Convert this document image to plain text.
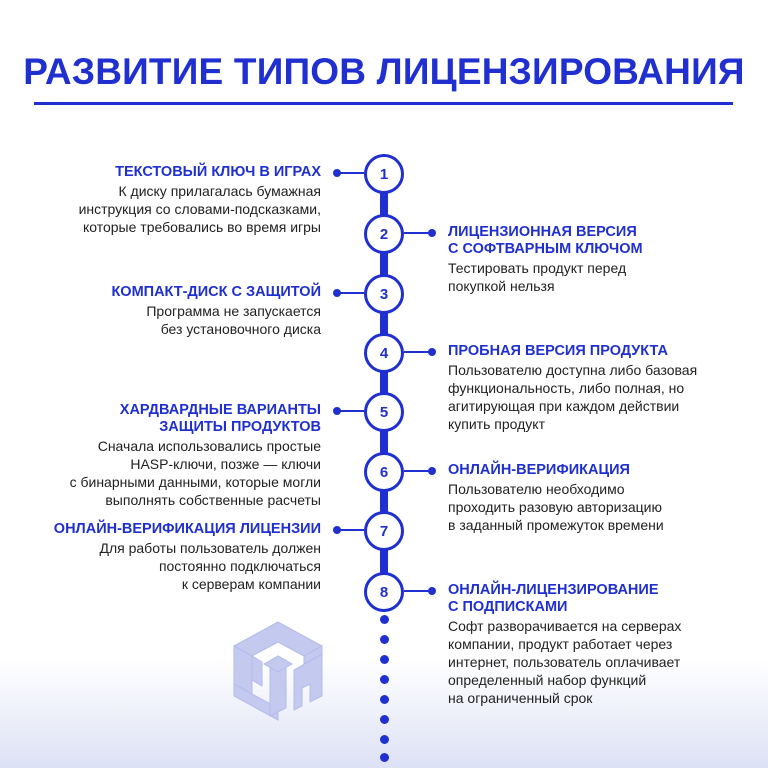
РАЗВИТИЕ ТИПОВ ЛИЦЕНЗИРОВАНИЯ
1
ТЕКСТОВЫЙ КЛЮЧ В ИГРАХ
К диску прилагалась бумажная
инструкция со словами-подсказками,
которые требовались во время игры	2	ЛИЦЕНЗИОННАЯ ВЕРСИЯ
С СОФТВАРНЫМ КЛЮЧОМ
Тестировать продукт перед
покупкой нельзя
3
КОМПАКТ-ДИСК С ЗАЩИТОЙ
Программа не запускается
без установочного диска
4	ПРОБНАЯ ВЕРСИЯ ПРОДУКТА
Пользователю доступна либо базовая
функциональность, либо полная, но
агитирующая при каждом действии
купить продукт
5
ХАРДВАРДНЫЕ ВАРИАНТЫ
ЗАЩИТЫ ПРОДУКТОВ
Сначала использовались простые
HASP-ключи, позже — ключи
с бинарными данными, которые могли
выполнять собственные расчеты
6	ОНЛАЙН-ВЕРИФИКАЦИЯ
Пользователю необходимо
проходить разовую авторизацию
в заданный промежуток времени
7
ОНЛАЙН-ВЕРИФИКАЦИЯ ЛИЦЕНЗИИ
Для работы пользователь должен
постоянно подключаться
к серверам компании	8	ОНЛАЙН-ЛИЦЕНЗИРОВАНИЕ
С ПОДПИСКАМИ
Софт разворачивается на серверах
компании, продукт работает через
интернет, пользователь оплачивает
определенный набор функций
на ограниченный срок
